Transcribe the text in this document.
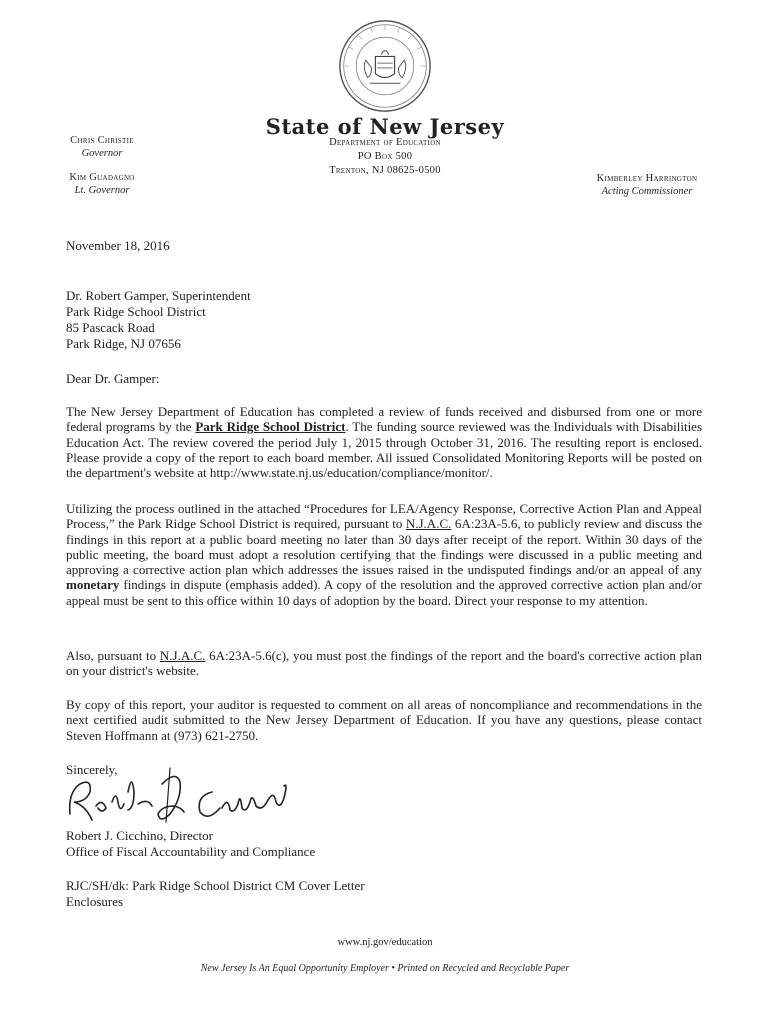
State of New Jersey
Department of Education
PO Box 500
Trenton, NJ 08625-0500
Chris Christie
Governor
Kim Guadagno
Lt. Governor
Kimberley Harrington
Acting Commissioner
November 18, 2016
Dr. Robert Gamper, Superintendent
Park Ridge School District
85 Pascack Road
Park Ridge, NJ 07656
Dear Dr. Gamper:

The New Jersey Department of Education has completed a review of funds received and disbursed from one or more federal programs by the Park Ridge School District. The funding source reviewed was the Individuals with Disabilities Education Act. The review covered the period July 1, 2015 through October 31, 2016. The resulting report is enclosed. Please provide a copy of the report to each board member. All issued Consolidated Monitoring Reports will be posted on the department's website at http://www.state.nj.us/education/compliance/monitor/.

Utilizing the process outlined in the attached “Procedures for LEA/Agency Response, Corrective Action Plan and Appeal Process,” the Park Ridge School District is required, pursuant to N.J.A.C. 6A:23A-5.6, to publicly review and discuss the findings in this report at a public board meeting no later than 30 days after receipt of the report. Within 30 days of the public meeting, the board must adopt a resolution certifying that the findings were discussed in a public meeting and approving a corrective action plan which addresses the issues raised in the undisputed findings and/or an appeal of any monetary findings in dispute (emphasis added). A copy of the resolution and the approved corrective action plan and/or appeal must be sent to this office within 10 days of adoption by the board. Direct your response to my attention.

Also, pursuant to N.J.A.C. 6A:23A-5.6(c), you must post the findings of the report and the board's corrective action plan on your district's website.

By copy of this report, your auditor is requested to comment on all areas of noncompliance and recommendations in the next certified audit submitted to the New Jersey Department of Education. If you have any questions, please contact Steven Hoffmann at (973) 621-2750.

Sincerely,
Robert J. Cicchino, Director
Office of Fiscal Accountability and Compliance
RJC/SH/dk: Park Ridge School District CM Cover Letter
Enclosures
www.nj.gov/education
New Jersey Is An Equal Opportunity Employer • Printed on Recycled and Recyclable Paper
